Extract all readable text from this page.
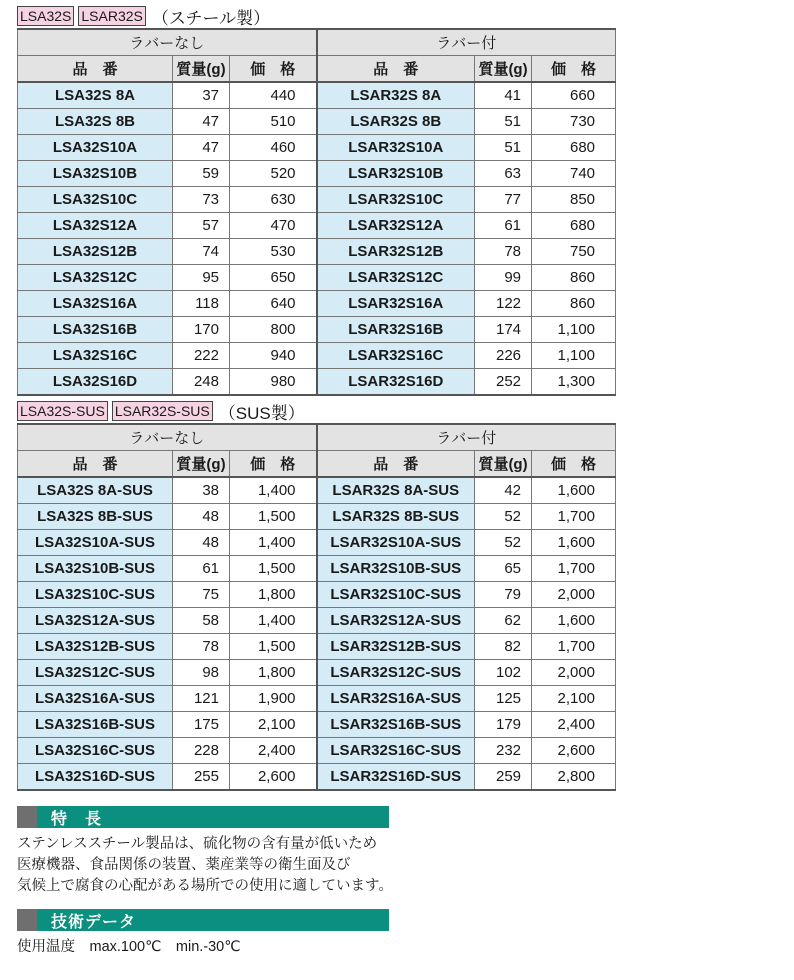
LSA32S LSAR32S （スチール製）
ラバーなし			ラバー付		
品　番	質量(g)	価　格	品　番	質量(g)	価　格
LSA32S 8A	37	440	LSAR32S 8A	41	660
LSA32S 8B	47	510	LSAR32S 8B	51	730
LSA32S10A	47	460	LSAR32S10A	51	680
LSA32S10B	59	520	LSAR32S10B	63	740
LSA32S10C	73	630	LSAR32S10C	77	850
LSA32S12A	57	470	LSAR32S12A	61	680
LSA32S12B	74	530	LSAR32S12B	78	750
LSA32S12C	95	650	LSAR32S12C	99	860
LSA32S16A	118	640	LSAR32S16A	122	860
LSA32S16B	170	800	LSAR32S16B	174	1,100
LSA32S16C	222	940	LSAR32S16C	226	1,100
LSA32S16D	248	980	LSAR32S16D	252	1,300
LSA32S-SUS LSAR32S-SUS （SUS製）
ラバーなし			ラバー付		
品　番	質量(g)	価　格	品　番	質量(g)	価　格
LSA32S 8A-SUS	38	1,400	LSAR32S 8A-SUS	42	1,600
LSA32S 8B-SUS	48	1,500	LSAR32S 8B-SUS	52	1,700
LSA32S10A-SUS	48	1,400	LSAR32S10A-SUS	52	1,600
LSA32S10B-SUS	61	1,500	LSAR32S10B-SUS	65	1,700
LSA32S10C-SUS	75	1,800	LSAR32S10C-SUS	79	2,000
LSA32S12A-SUS	58	1,400	LSAR32S12A-SUS	62	1,600
LSA32S12B-SUS	78	1,500	LSAR32S12B-SUS	82	1,700
LSA32S12C-SUS	98	1,800	LSAR32S12C-SUS	102	2,000
LSA32S16A-SUS	121	1,900	LSAR32S16A-SUS	125	2,100
LSA32S16B-SUS	175	2,100	LSAR32S16B-SUS	179	2,400
LSA32S16C-SUS	228	2,400	LSAR32S16C-SUS	232	2,600
LSA32S16D-SUS	255	2,600	LSAR32S16D-SUS	259	2,800
特　長
ステンレススチール製品は、硫化物の含有量が低いため
医療機器、食品関係の装置、薬産業等の衛生面及び
気候上で腐食の心配がある場所での使用に適しています。
技術データ
使用温度　max.100℃　min.-30℃
